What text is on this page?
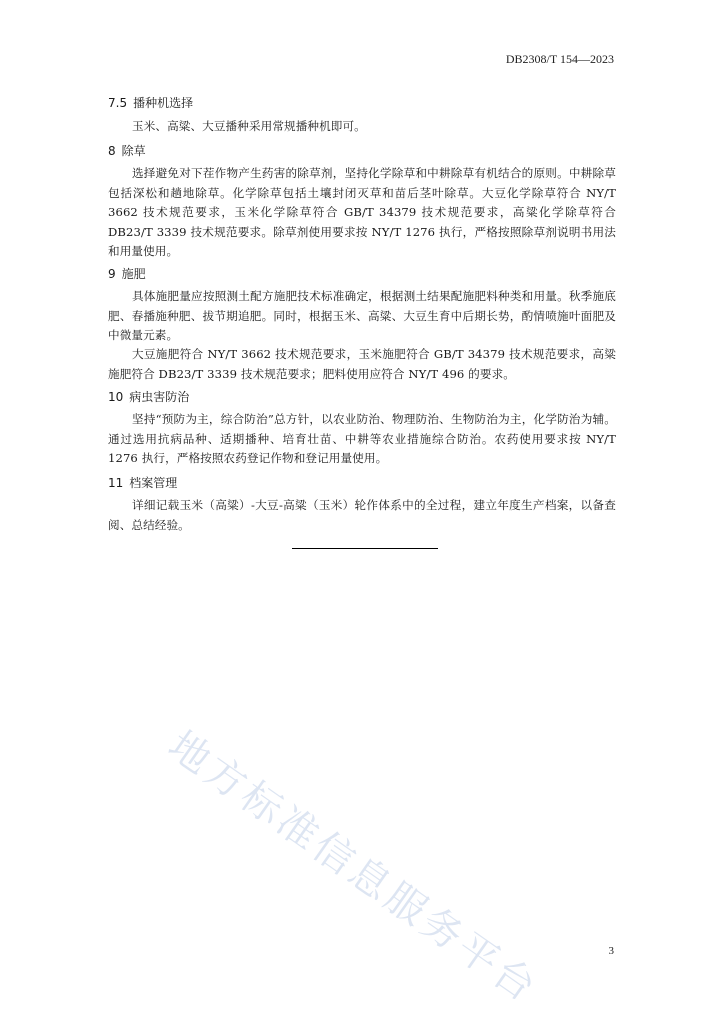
DB2308/T 154—2023
7.5 播种机选择
玉米、高粱、大豆播种采用常规播种机即可。
8 除草
选择避免对下茬作物产生药害的除草剂，坚持化学除草和中耕除草有机结合的原则。中耕除草包括深松和趟地除草。化学除草包括土壤封闭灭草和苗后茎叶除草。大豆化学除草符合 NY/T 3662 技术规范要求，玉米化学除草符合 GB/T 34379 技术规范要求，高粱化学除草符合 DB23/T 3339 技术规范要求。除草剂使用要求按 NY/T 1276 执行，严格按照除草剂说明书用法和用量使用。
9 施肥
具体施肥量应按照测土配方施肥技术标准确定，根据测土结果配施肥料种类和用量。秋季施底肥、春播施种肥、拔节期追肥。同时，根据玉米、高粱、大豆生育中后期长势，酌情喷施叶面肥及中微量元素。
大豆施肥符合 NY/T 3662 技术规范要求，玉米施肥符合 GB/T 34379 技术规范要求，高粱施肥符合 DB23/T 3339 技术规范要求；肥料使用应符合 NY/T 496 的要求。
10 病虫害防治
坚持“预防为主，综合防治”总方针，以农业防治、物理防治、生物防治为主，化学防治为辅。通过选用抗病品种、适期播种、培育壮苗、中耕等农业措施综合防治。农药使用要求按 NY/T 1276 执行，严格按照农药登记作物和登记用量使用。
11 档案管理
详细记载玉米（高粱）-大豆-高粱（玉米）轮作体系中的全过程，建立年度生产档案，以备查阅、总结经验。
地方标准信息服务平台	3
